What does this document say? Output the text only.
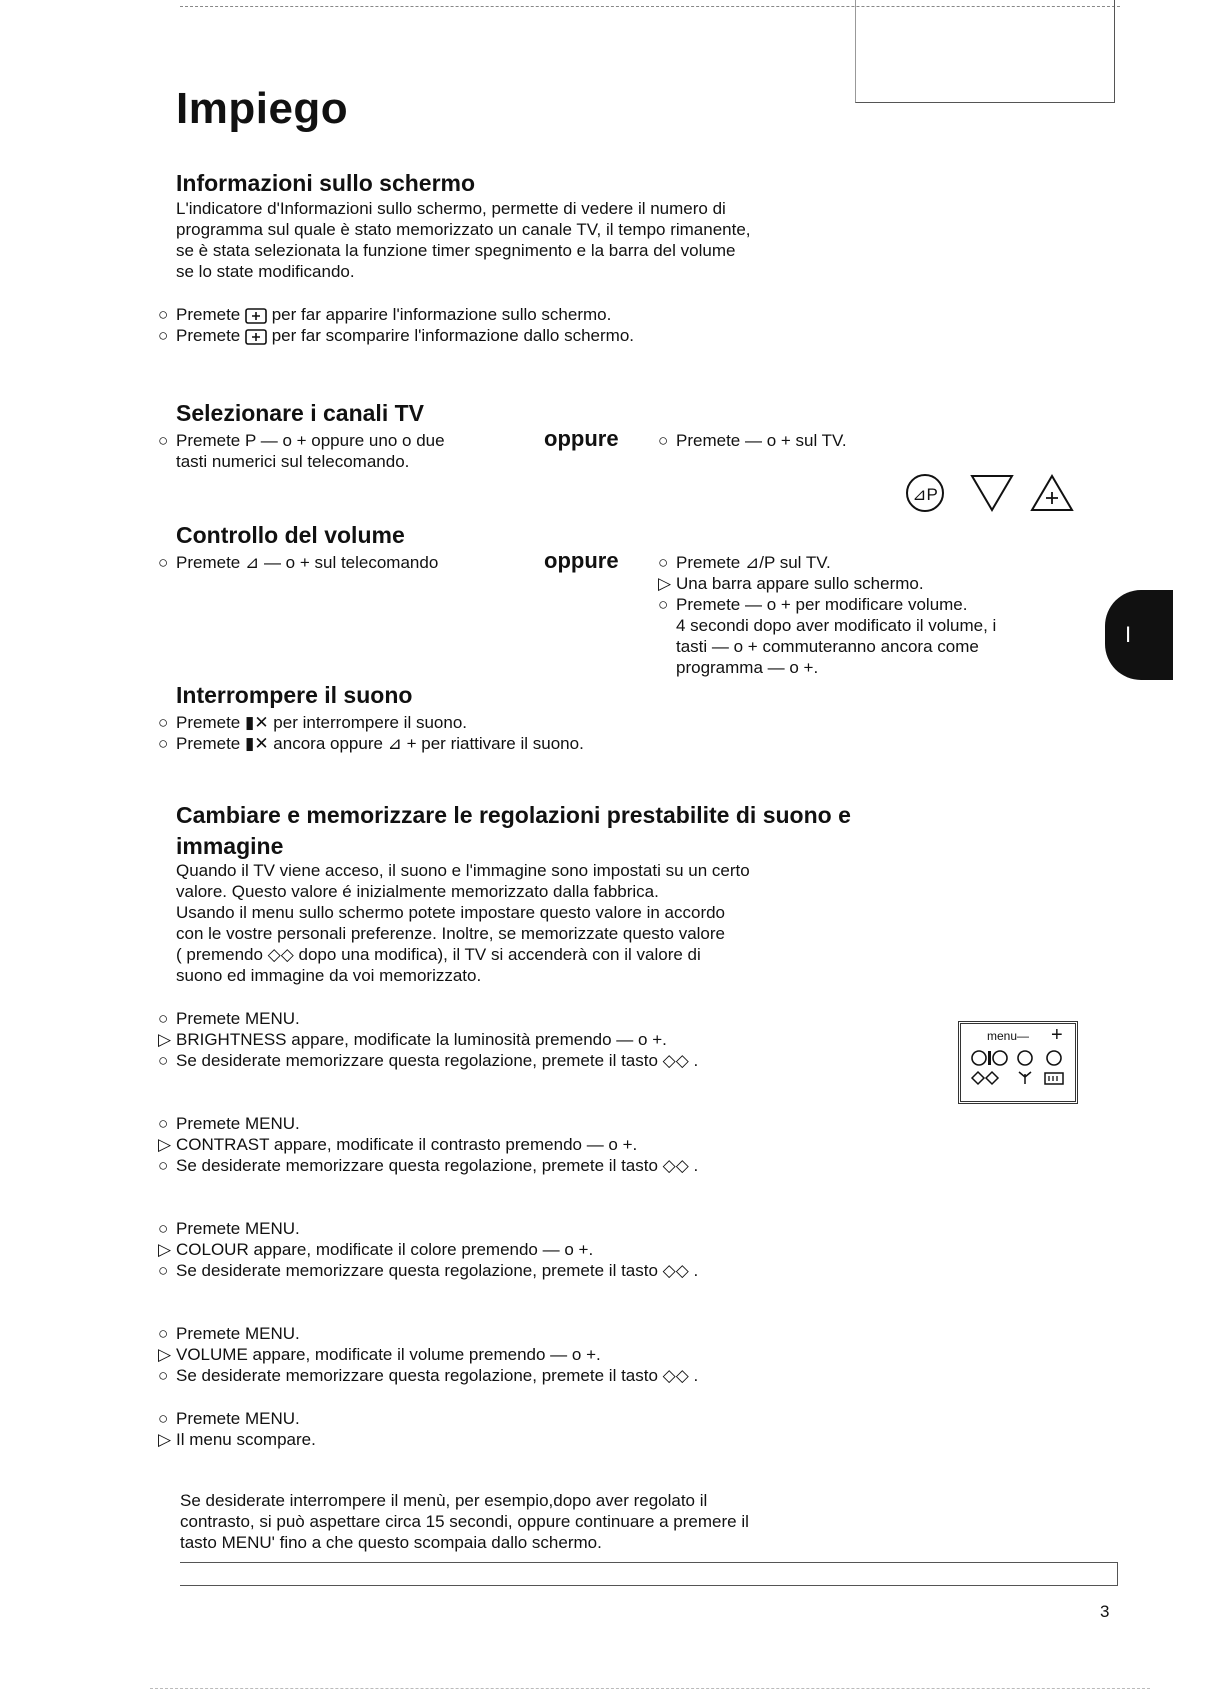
Impiego
Informazioni sullo schermo
L'indicatore d'Informazioni sullo schermo, permette di vedere il numero di
programma sul quale è stato memorizzato un canale TV, il tempo rimanente,
se è stata selezionata la funzione timer spegnimento e la barra del volume
se lo state modificando.
○ Premete per far apparire l'informazione sullo schermo.
○ Premete per far scomparire l'informazione dallo schermo.
Selezionare i canali TV
○ Premete P — o + oppure uno o due
tasti numerici sul telecomando.
oppure ○ Premete — o + sul TV.
⊿P
Controllo del volume
○ Premete ⊿ — o + sul telecomando	oppure ○ Premete ⊿/P sul TV.
▷ Una barra appare sullo schermo.
○ Premete — o + per modificare volume.
4 secondi dopo aver modificato il volume, i
tasti — o + commuteranno ancora come
programma — o +.
I
Interrompere il suono
○ Premete ▮✕ per interrompere il suono.
○ Premete ▮✕ ancora oppure ⊿ + per riattivare il suono.
Cambiare e memorizzare le regolazioni prestabilite di suono e
immagine
Quando il TV viene acceso, il suono e l'immagine sono impostati su un certo
valore. Questo valore é inizialmente memorizzato dalla fabbrica.
Usando il menu sullo schermo potete impostare questo valore in accordo
con le vostre personali preferenze. Inoltre, se memorizzate questo valore
( premendo ◇◇ dopo una modifica), il TV si accenderà con il valore di
suono ed immagine da voi memorizzato.
○ Premete MENU.
▷ BRIGHTNESS appare, modificate la luminosità premendo — o +.
○ Se desiderate memorizzare questa regolazione, premete il tasto ◇◇ .
○ Premete MENU.
▷ CONTRAST appare, modificate il contrasto premendo — o +.
○ Se desiderate memorizzare questa regolazione, premete il tasto ◇◇ .
○ Premete MENU.
▷ COLOUR appare, modificate il colore premendo — o +.
○ Se desiderate memorizzare questa regolazione, premete il tasto ◇◇ .
○ Premete MENU.
▷ VOLUME appare, modificate il volume premendo — o +.
○ Se desiderate memorizzare questa regolazione, premete il tasto ◇◇ .
○ Premete MENU.
▷ Il menu scompare.
Se desiderate interrompere il menù, per esempio,dopo aver regolato il
contrasto, si può aspettare circa 15 secondi, oppure continuare a premere il
tasto MENU' fino a che questo scompaia dallo schermo.
menu— +
3
